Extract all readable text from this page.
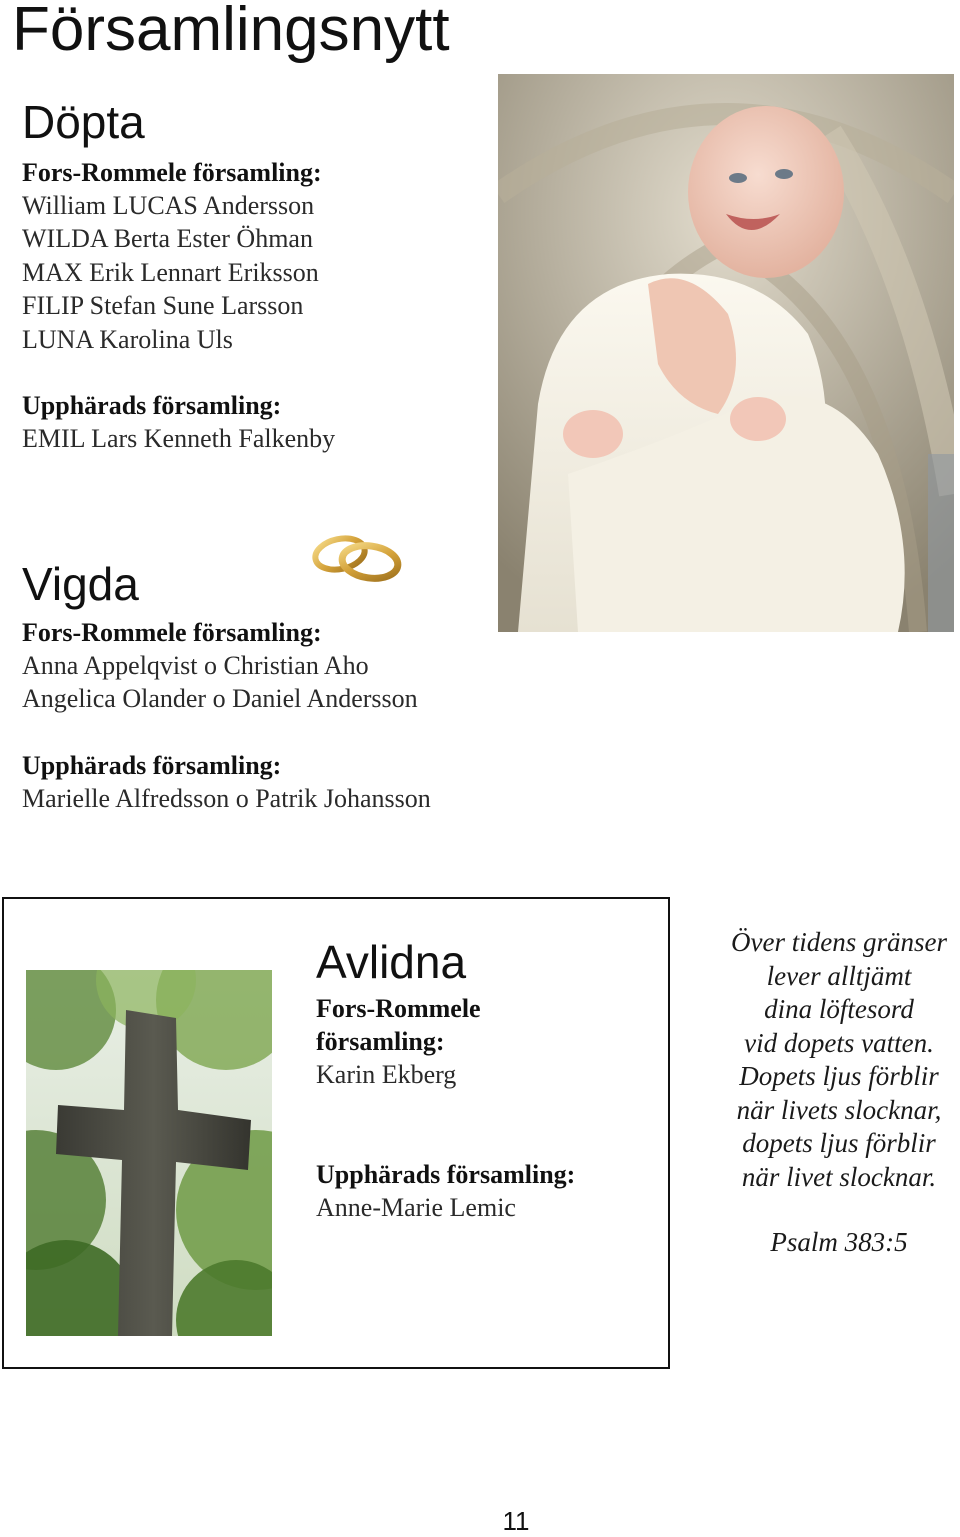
Församlingsnytt
Döpta
Fors-Rommele församling:
William LUCAS Andersson
WILDA Berta Ester Öhman
MAX Erik Lennart Eriksson
FILIP Stefan Sune Larsson
LUNA Karolina Uls
Upphärads församling:
EMIL Lars Kenneth Falkenby
Vigda
Fors-Rommele församling:
Anna Appelqvist o Christian Aho
Angelica Olander o Daniel Andersson
Upphärads församling:
Marielle Alfredsson o Patrik Johansson
Avlidna
Fors-Rommele
församling:
Karin Ekberg
Upphärads församling:
Anne-Marie Lemic
Över tidens gränser
lever alltjämt
dina löftesord
vid dopets vatten.
Dopets ljus förblir
när livets slocknar,
dopets ljus förblir
när livet slocknar.
Psalm 383:5
11
